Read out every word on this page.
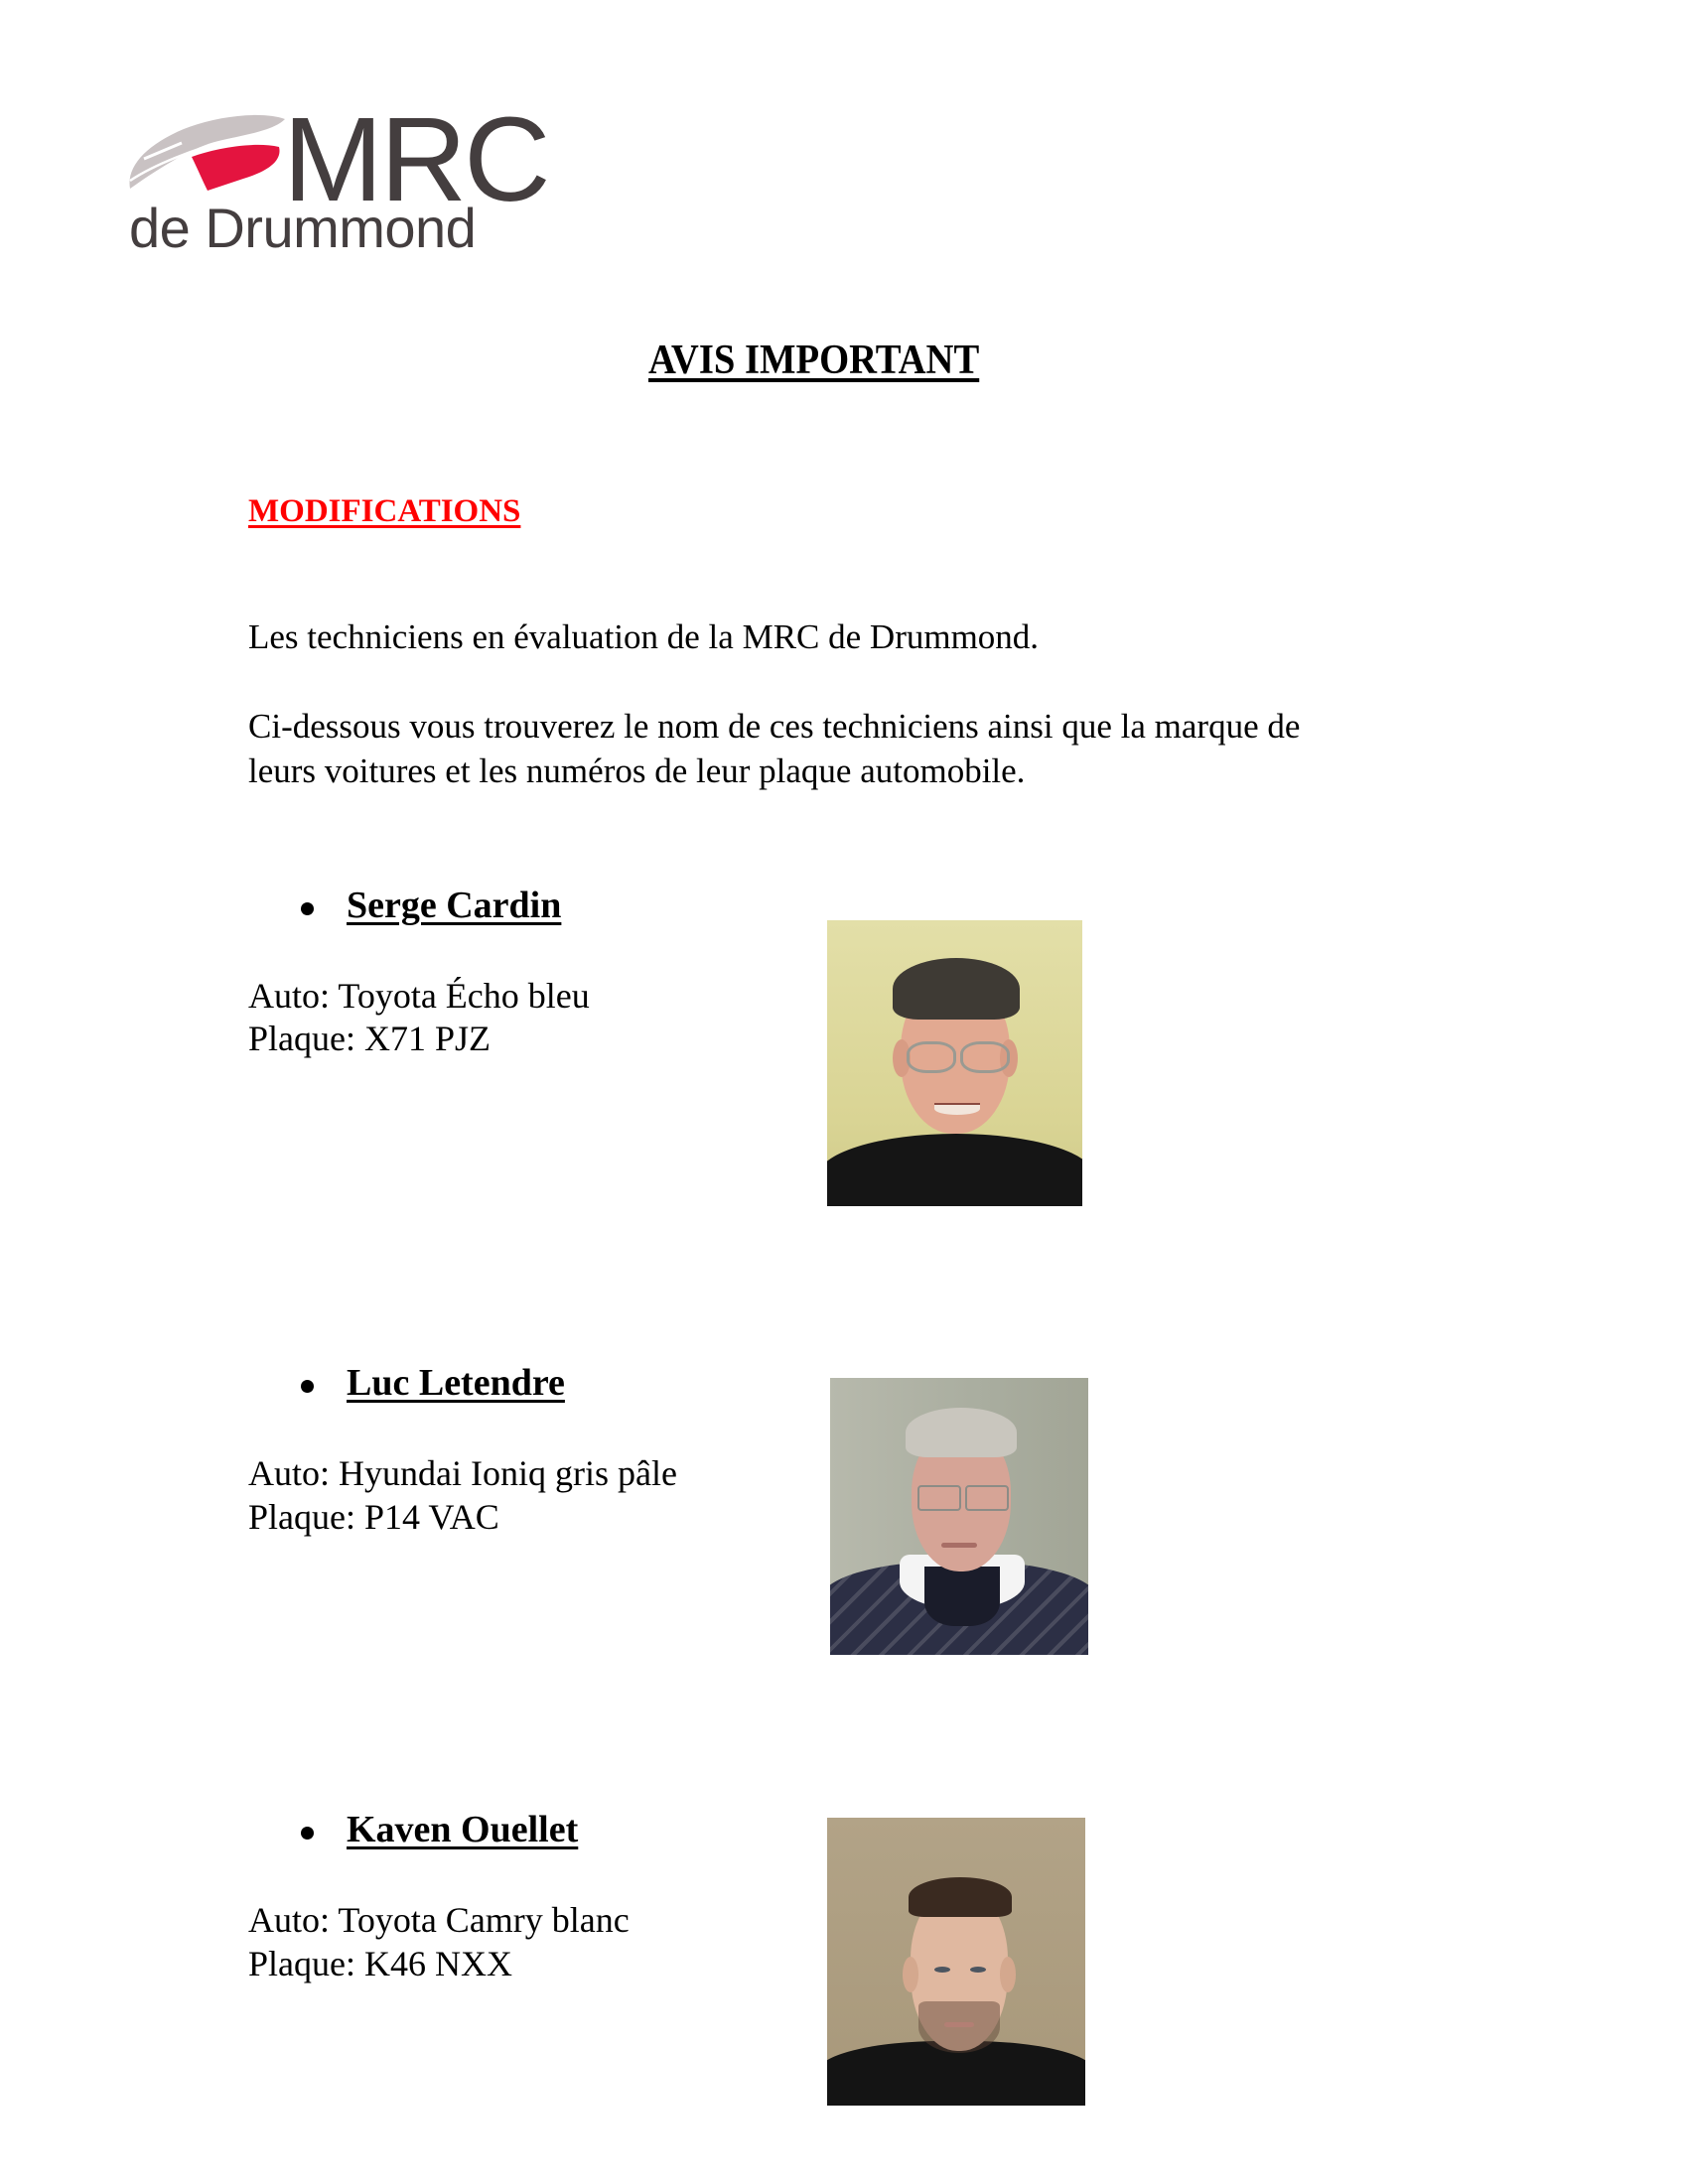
MRC
de Drummond
AVIS IMPORTANT
MODIFICATIONS
Les techniciens en évaluation de la MRC de Drummond.
Ci-dessous vous trouverez le nom de ces techniciens ainsi que la marque de
leurs voitures et les numéros de leur plaque automobile.
Serge Cardin
Auto: Toyota Écho bleu
Plaque: X71 PJZ
Luc Letendre
Auto: Hyundai Ioniq gris pâle
Plaque: P14 VAC
Kaven Ouellet
Auto: Toyota Camry blanc
Plaque: K46 NXX
